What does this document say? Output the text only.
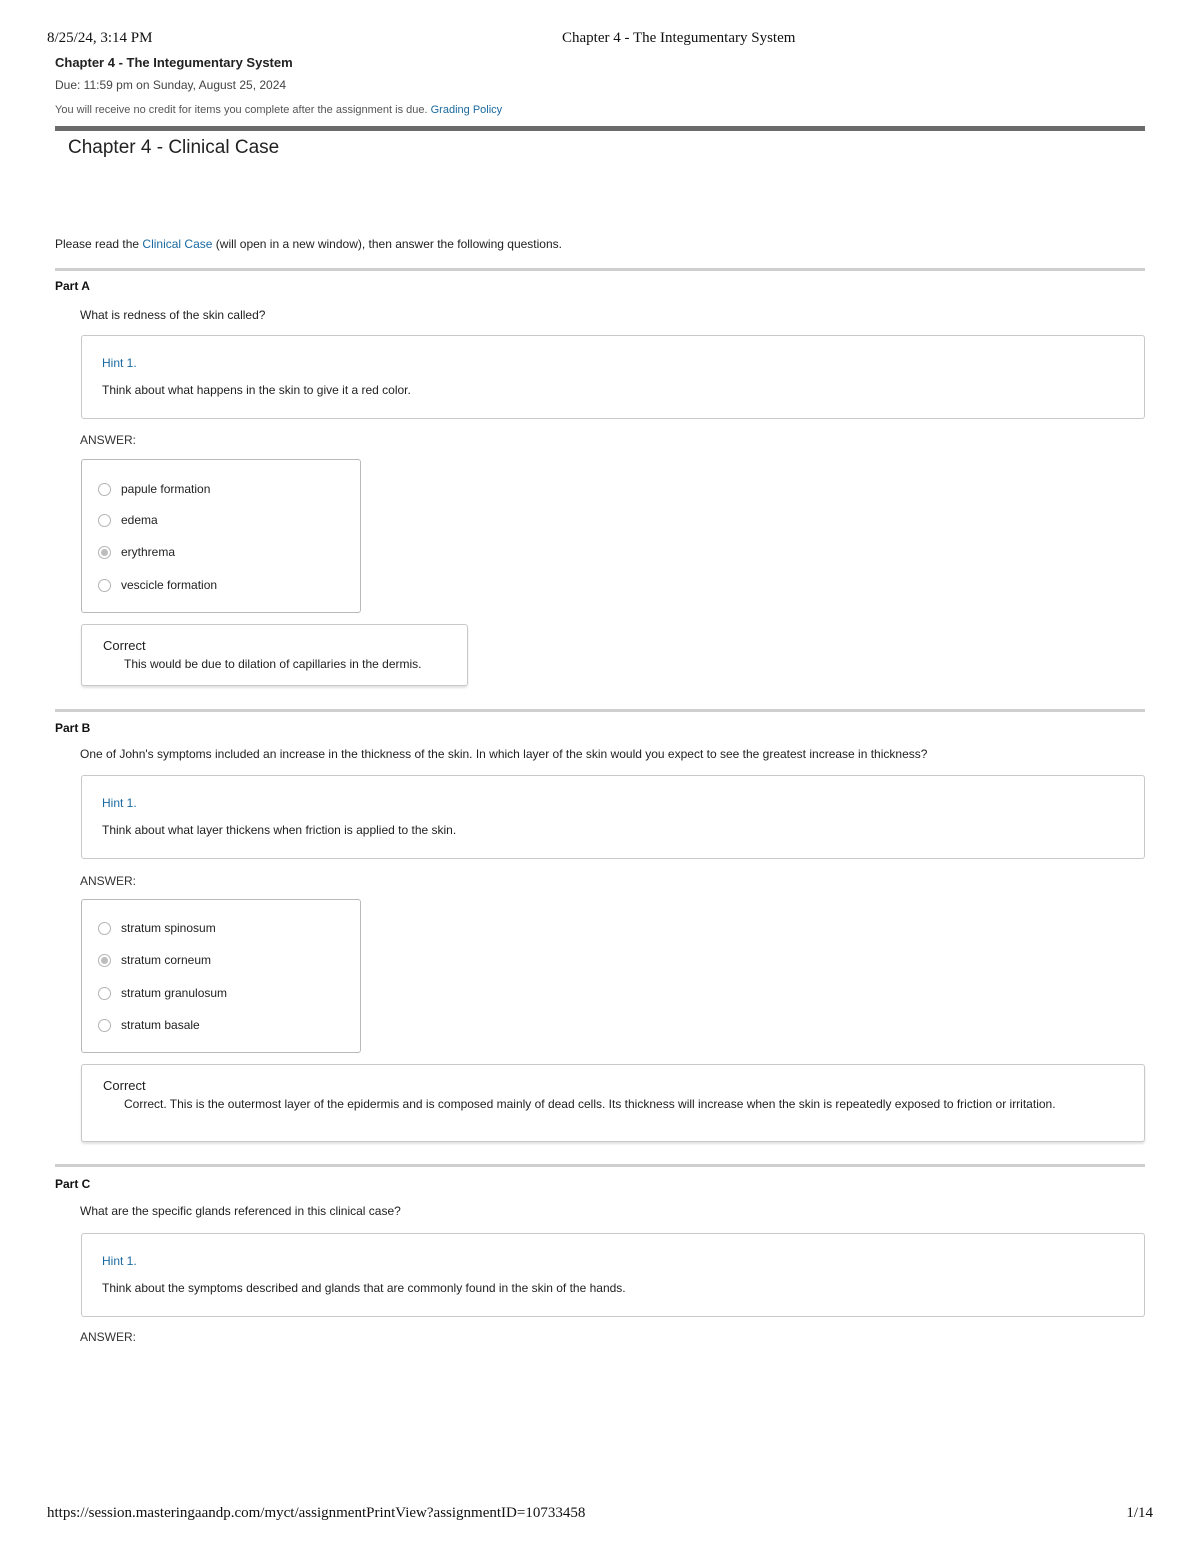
8/25/24, 3:14 PM	Chapter 4 - The Integumentary System
Chapter 4 - The Integumentary System
Due: 11:59 pm on Sunday, August 25, 2024
You will receive no credit for items you complete after the assignment is due. Grading Policy
Chapter 4 - Clinical Case
Please read the Clinical Case (will open in a new window), then answer the following questions.
Part A
What is redness of the skin called?
Hint 1.
Think about what happens in the skin to give it a red color.
ANSWER:
papule formation
edema
erythrema
vescicle formation
Correct
This would be due to dilation of capillaries in the dermis.
Part B
One of John's symptoms included an increase in the thickness of the skin. In which layer of the skin would you expect to see the greatest increase in thickness?
Hint 1.
Think about what layer thickens when friction is applied to the skin.
ANSWER:
stratum spinosum
stratum corneum
stratum granulosum
stratum basale
Correct
Correct. This is the outermost layer of the epidermis and is composed mainly of dead cells. Its thickness will increase when the skin is repeatedly exposed to friction or irritation.
Part C
What are the specific glands referenced in this clinical case?
Hint 1.
Think about the symptoms described and glands that are commonly found in the skin of the hands.
ANSWER:
https://session.masteringaandp.com/myct/assignmentPrintView?assignmentID=10733458	1/14
